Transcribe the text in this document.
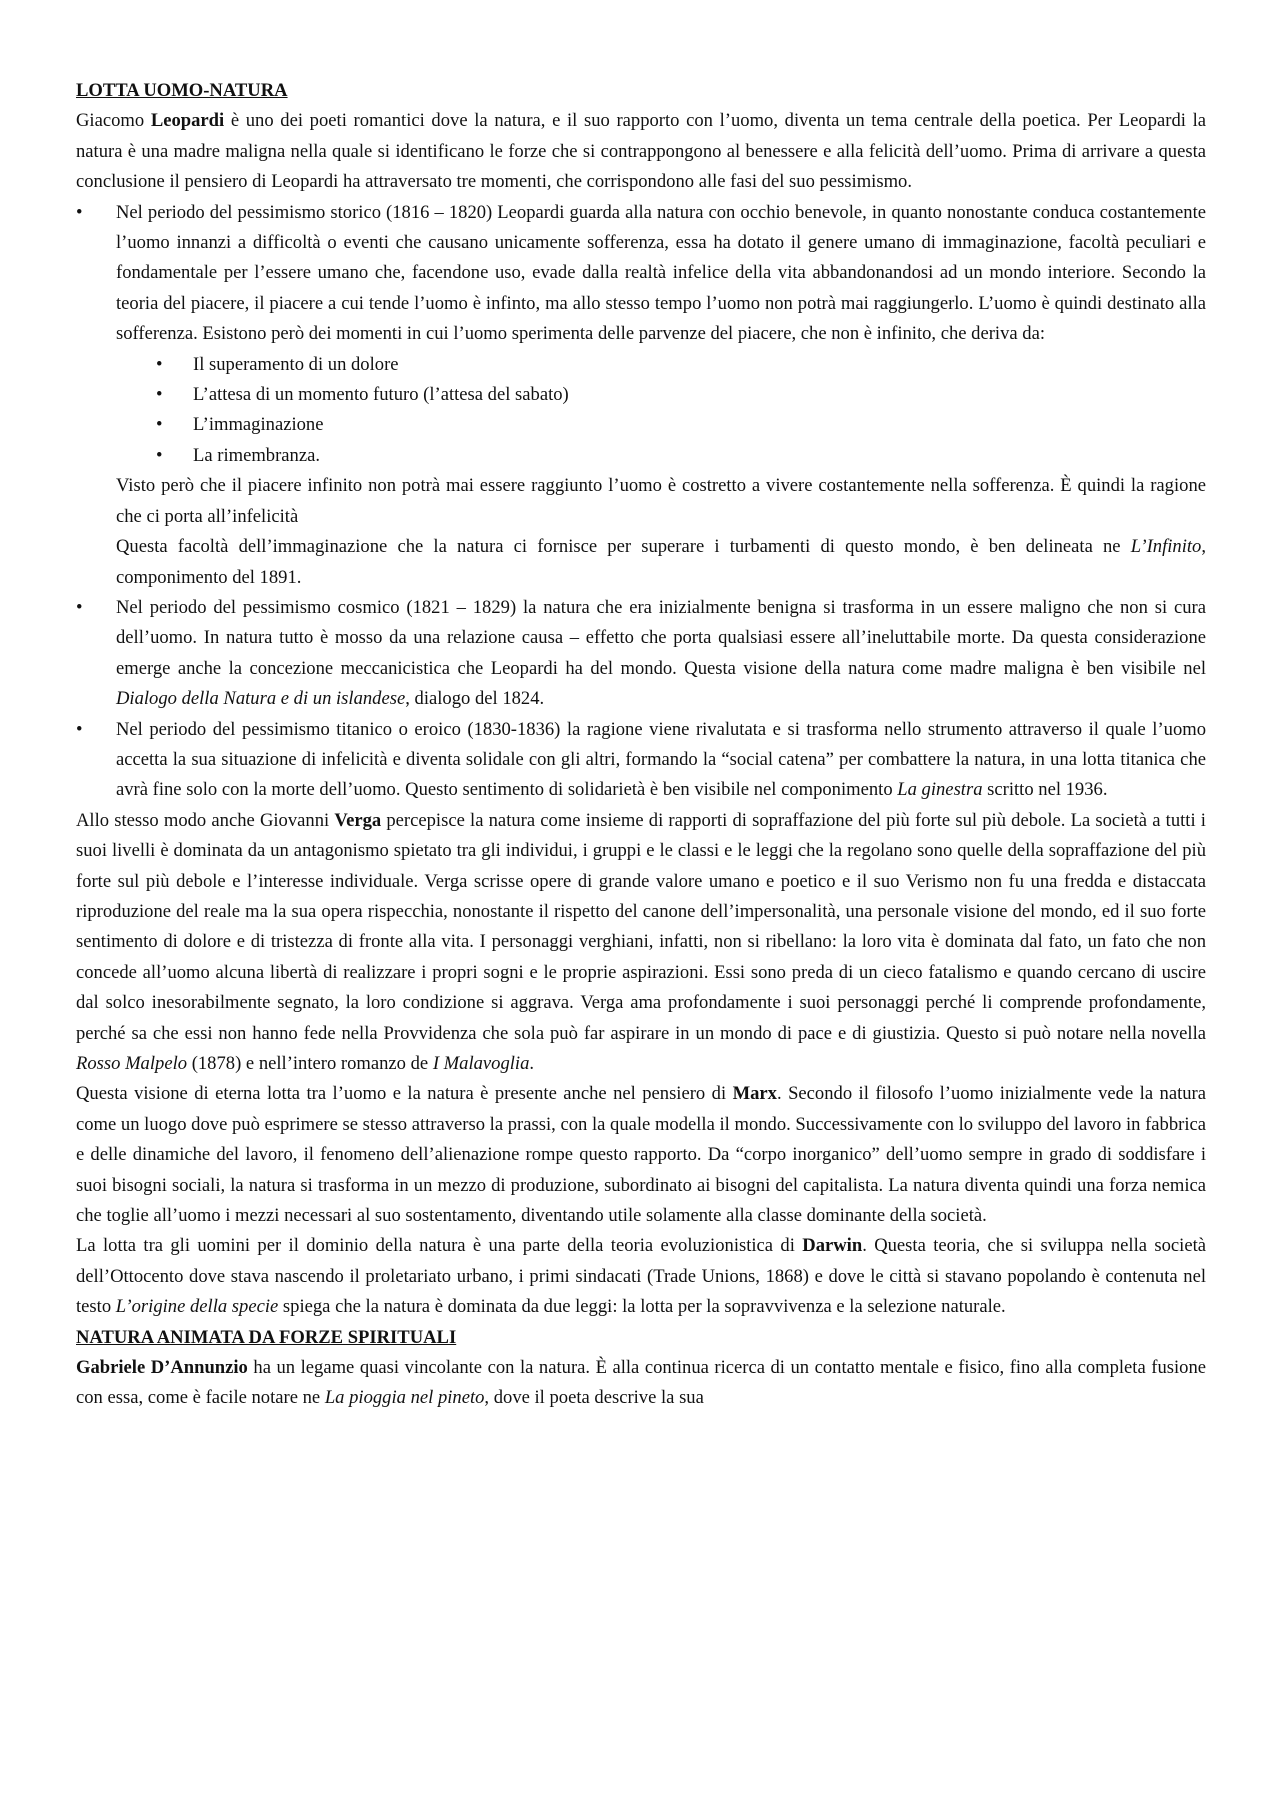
LOTTA UOMO-NATURA

Giacomo Leopardi è uno dei poeti romantici dove la natura, e il suo rapporto con l’uomo, diventa un tema centrale della poetica. Per Leopardi la natura è una madre maligna nella quale si identificano le forze che si contrappongono al benessere e alla felicità dell’uomo. Prima di arrivare a questa conclusione il pensiero di Leopardi ha attraversato tre momenti, che corrispondono alle fasi del suo pessimismo.

• Nel periodo del pessimismo storico (1816 – 1820) Leopardi guarda alla natura con occhio benevole, in quanto nonostante conduca costantemente l’uomo innanzi a difficoltà o eventi che causano unicamente sofferenza, essa ha dotato il genere umano di immaginazione, facoltà peculiari e fondamentale per l’essere umano che, facendone uso, evade dalla realtà infelice della vita abbandonandosi ad un mondo interiore. Secondo la teoria del piacere, il piacere a cui tende l’uomo è infinto, ma allo stesso tempo l’uomo non potrà mai raggiungerlo. L’uomo è quindi destinato alla sofferenza. Esistono però dei momenti in cui l’uomo sperimenta delle parvenze del piacere, che non è infinito, che deriva da:

• Il superamento di un dolore
• L’attesa di un momento futuro (l’attesa del sabato)
• L’immaginazione
• La rimembranza.

Visto però che il piacere infinito non potrà mai essere raggiunto l’uomo è costretto a vivere costantemente nella sofferenza. È quindi la ragione che ci porta all’infelicità

Questa facoltà dell’immaginazione che la natura ci fornisce per superare i turbamenti di questo mondo, è ben delineata ne L’Infinito, componimento del 1891.

• Nel periodo del pessimismo cosmico (1821 – 1829) la natura che era inizialmente benigna si trasforma in un essere maligno che non si cura dell’uomo. In natura tutto è mosso da una relazione causa – effetto che porta qualsiasi essere all’ineluttabile morte. Da questa considerazione emerge anche la concezione meccanicistica che Leopardi ha del mondo. Questa visione della natura come madre maligna è ben visibile nel Dialogo della Natura e di un islandese, dialogo del 1824.

• Nel periodo del pessimismo titanico o eroico (1830-1836) la ragione viene rivalutata e si trasforma nello strumento attraverso il quale l’uomo accetta la sua situazione di infelicità e diventa solidale con gli altri, formando la “social catena” per combattere la natura, in una lotta titanica che avrà fine solo con la morte dell’uomo. Questo sentimento di solidarietà è ben visibile nel componimento La ginestra scritto nel 1936.

Allo stesso modo anche Giovanni Verga percepisce la natura come insieme di rapporti di sopraffazione del più forte sul più debole. La società a tutti i suoi livelli è dominata da un antagonismo spietato tra gli individui, i gruppi e le classi e le leggi che la regolano sono quelle della sopraffazione del più forte sul più debole e l’interesse individuale. Verga scrisse opere di grande valore umano e poetico e il suo Verismo non fu una fredda e distaccata riproduzione del reale ma la sua opera rispecchia, nonostante il rispetto del canone dell’impersonalità, una personale visione del mondo, ed il suo forte sentimento di dolore e di tristezza di fronte alla vita. I personaggi verghiani, infatti, non si ribellano: la loro vita è dominata dal fato, un fato che non concede all’uomo alcuna libertà di realizzare i propri sogni e le proprie aspirazioni. Essi sono preda di un cieco fatalismo e quando cercano di uscire dal solco inesorabilmente segnato, la loro condizione si aggrava. Verga ama profondamente i suoi personaggi perché li comprende profondamente, perché sa che essi non hanno fede nella Provvidenza che sola può far aspirare in un mondo di pace e di giustizia. Questo si può notare nella novella Rosso Malpelo (1878) e nell’intero romanzo de I Malavoglia.

Questa visione di eterna lotta tra l’uomo e la natura è presente anche nel pensiero di Marx. Secondo il filosofo l’uomo inizialmente vede la natura come un luogo dove può esprimere se stesso attraverso la prassi, con la quale modella il mondo. Successivamente con lo sviluppo del lavoro in fabbrica e delle dinamiche del lavoro, il fenomeno dell’alienazione rompe questo rapporto. Da “corpo inorganico” dell’uomo sempre in grado di soddisfare i suoi bisogni sociali, la natura si trasforma in un mezzo di produzione, subordinato ai bisogni del capitalista. La natura diventa quindi una forza nemica che toglie all’uomo i mezzi necessari al suo sostentamento, diventando utile solamente alla classe dominante della società.

La lotta tra gli uomini per il dominio della natura è una parte della teoria evoluzionistica di Darwin. Questa teoria, che si sviluppa nella società dell’Ottocento dove stava nascendo il proletariato urbano, i primi sindacati (Trade Unions, 1868) e dove le città si stavano popolando è contenuta nel testo L’origine della specie spiega che la natura è dominata da due leggi: la lotta per la sopravvivenza e la selezione naturale.

NATURA ANIMATA DA FORZE SPIRITUALI

Gabriele D’Annunzio ha un legame quasi vincolante con la natura. È alla continua ricerca di un contatto mentale e fisico, fino alla completa fusione con essa, come è facile notare ne La pioggia nel pineto, dove il poeta descrive la sua
